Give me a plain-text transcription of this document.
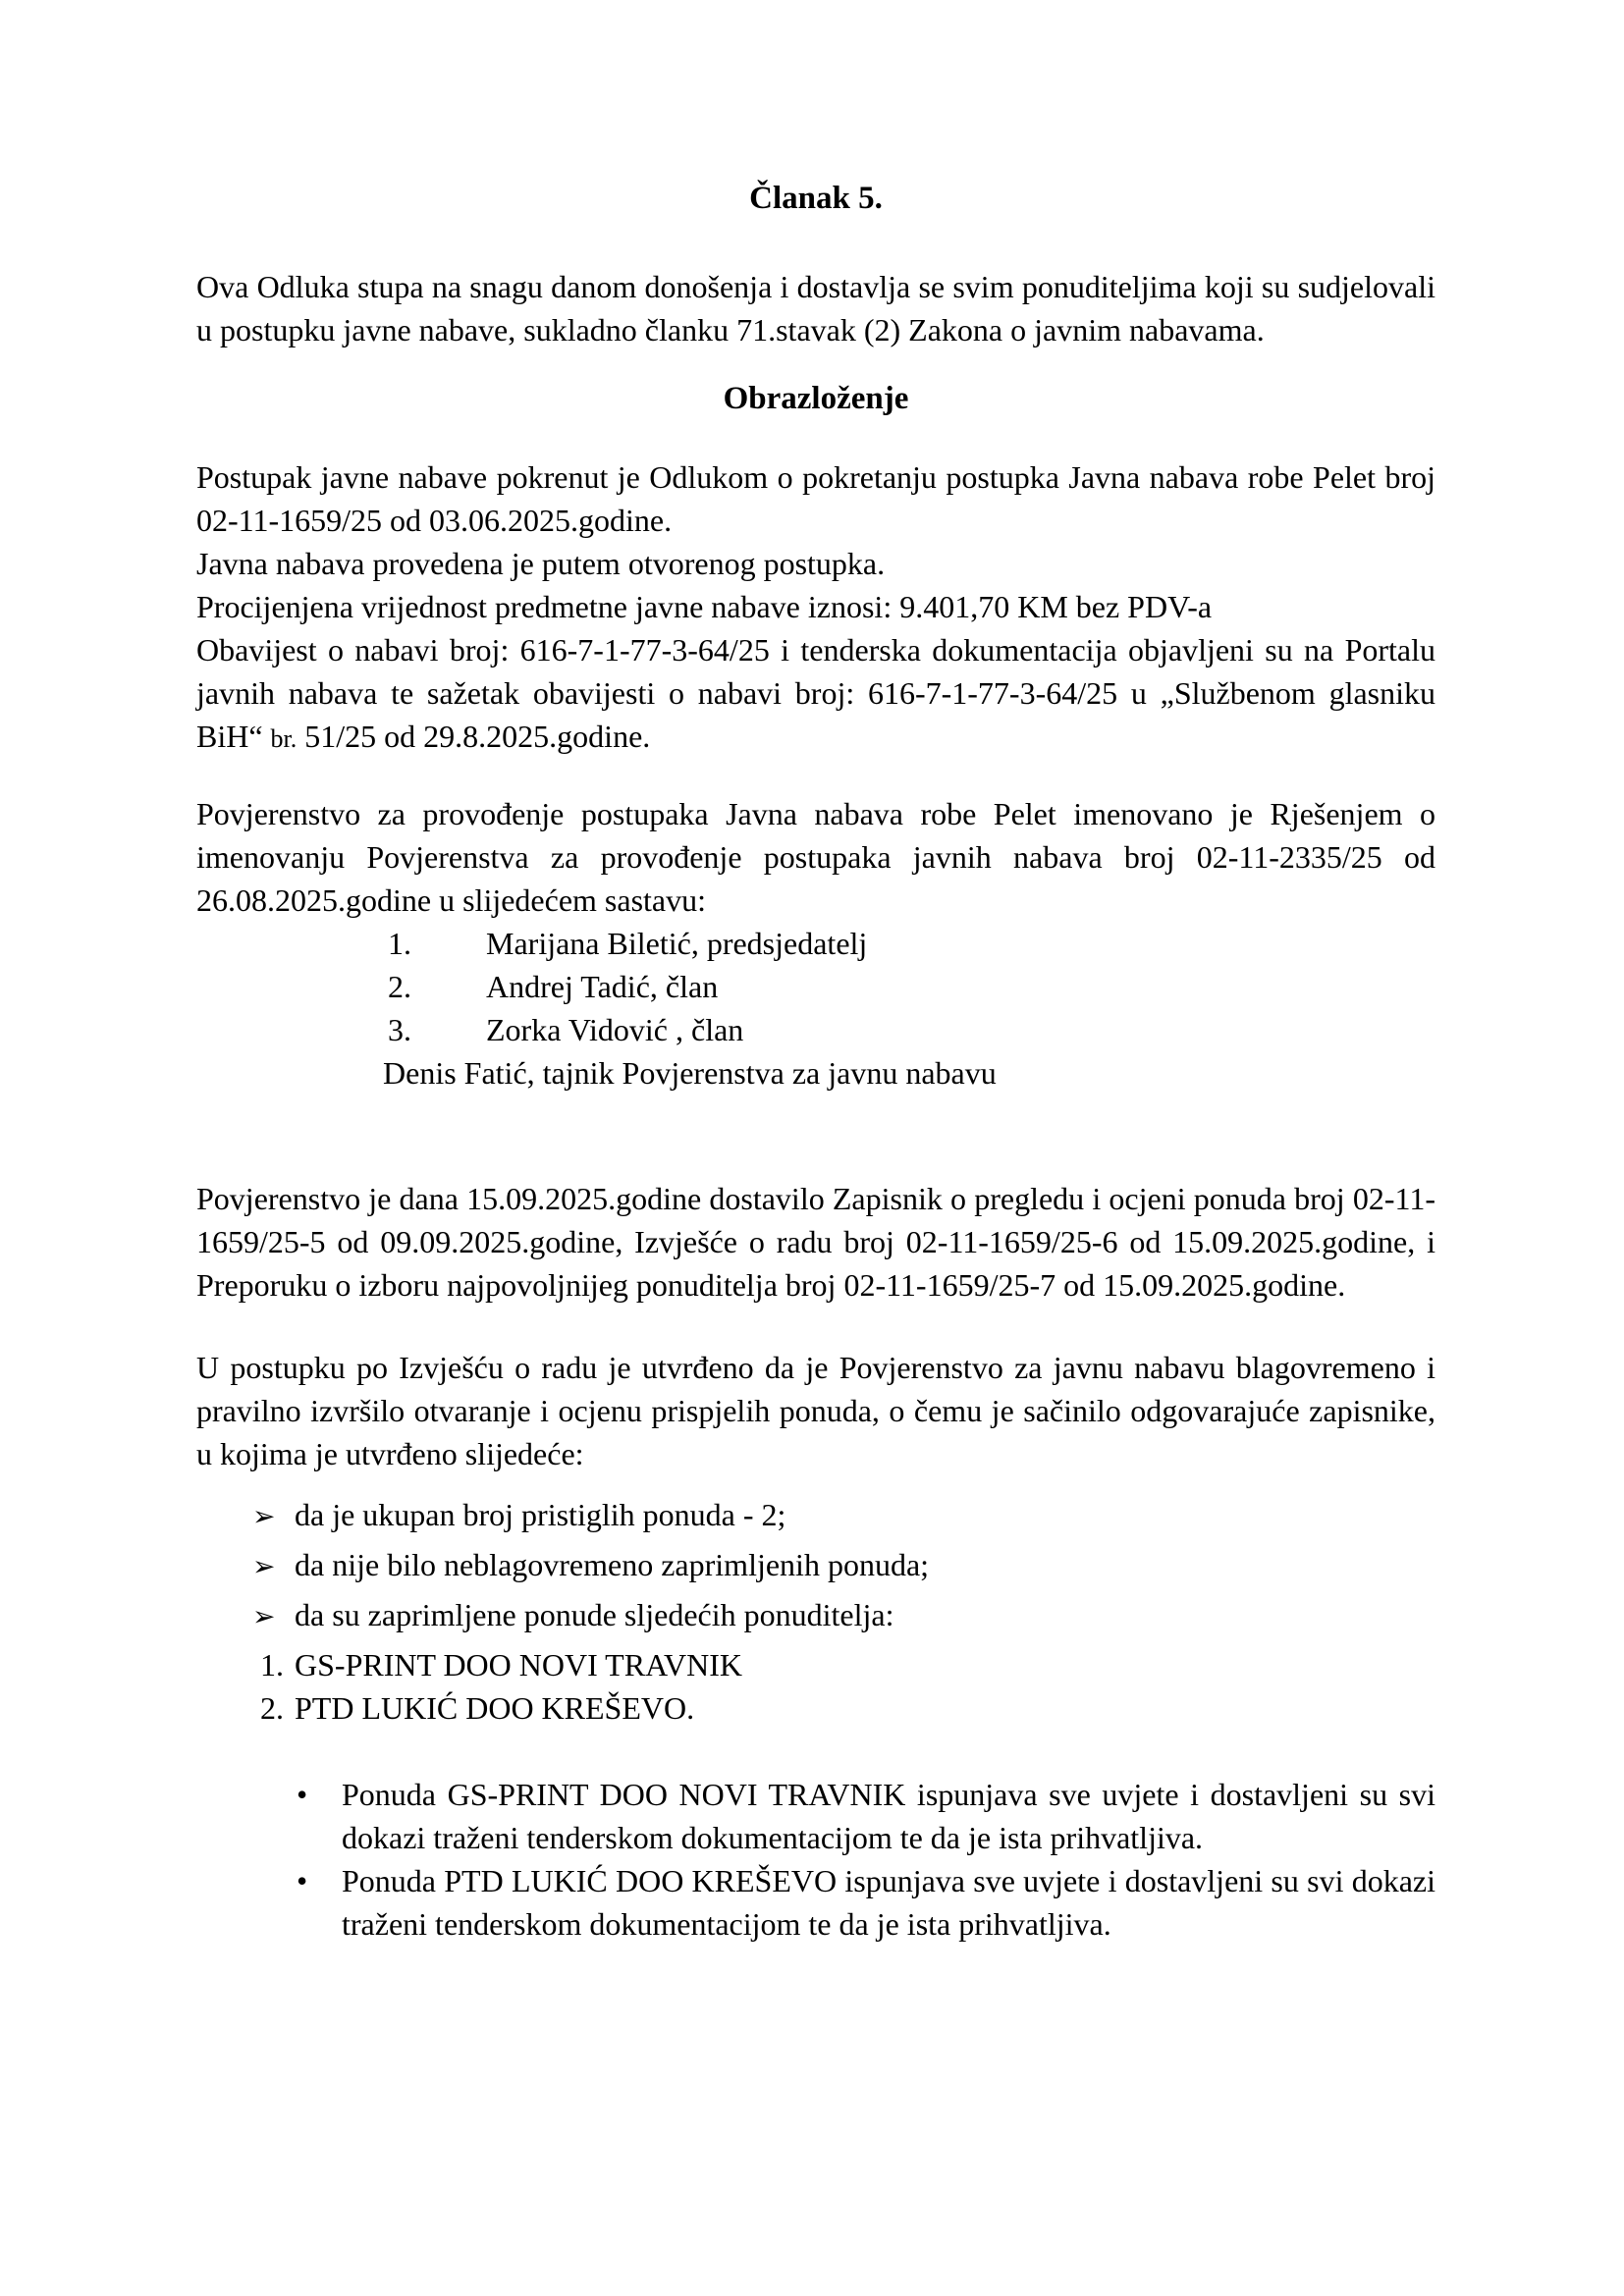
Članak 5.

Ova Odluka stupa na snagu danom donošenja i dostavlja se svim ponuditeljima koji su sudjelovali u postupku javne nabave, sukladno članku 71.stavak (2) Zakona o javnim nabavama.

Obrazloženje

Postupak javne nabave pokrenut je Odlukom o pokretanju postupka Javna nabava robe Pelet broj 02-11-1659/25 od 03.06.2025.godine.

Javna nabava provedena je putem otvorenog postupka.

Procijenjena vrijednost predmetne javne nabave iznosi: 9.401,70 KM bez PDV-a

Obavijest o nabavi broj: 616-7-1-77-3-64/25 i tenderska dokumentacija objavljeni su na Portalu javnih nabava te sažetak obavijesti o nabavi broj: 616-7-1-77-3-64/25 u „Službenom glasniku BiH“ br. 51/25 od 29.8.2025.godine.

Povjerenstvo za provođenje postupaka Javna nabava robe Pelet imenovano je Rješenjem o imenovanju Povjerenstva za provođenje postupaka javnih nabava broj 02-11-2335/25 od 26.08.2025.godine u slijedećem sastavu:

1. Marijana Biletić, predsjedatelj
2. Andrej Tadić, član
3. Zorka Vidović , član
Denis Fatić, tajnik Povjerenstva za javnu nabavu

Povjerenstvo je dana 15.09.2025.godine dostavilo Zapisnik o pregledu i ocjeni ponuda broj 02-11-1659/25-5 od 09.09.2025.godine, Izvješće o radu broj 02-11-1659/25-6 od 15.09.2025.godine, i Preporuku o izboru najpovoljnijeg ponuditelja broj 02-11-1659/25-7 od 15.09.2025.godine.

U postupku po Izvješću o radu je utvrđeno da je Povjerenstvo za javnu nabavu blagovremeno i pravilno izvršilo otvaranje i ocjenu prispjelih ponuda, o čemu je sačinilo odgovarajuće zapisnike, u kojima je utvrđeno slijedeće:

➢ da je ukupan broj pristiglih ponuda - 2;
➢ da nije bilo neblagovremeno zaprimljenih ponuda;
➢ da su zaprimljene ponude sljedećih ponuditelja:
1. GS-PRINT DOO NOVI TRAVNIK
2. PTD LUKIĆ DOO KREŠEVO.
• Ponuda GS-PRINT DOO NOVI TRAVNIK ispunjava sve uvjete i dostavljeni su svi dokazi traženi tenderskom dokumentacijom te da je ista prihvatljiva.
• Ponuda PTD LUKIĆ DOO KREŠEVO ispunjava sve uvjete i dostavljeni su svi dokazi traženi tenderskom dokumentacijom te da je ista prihvatljiva.
